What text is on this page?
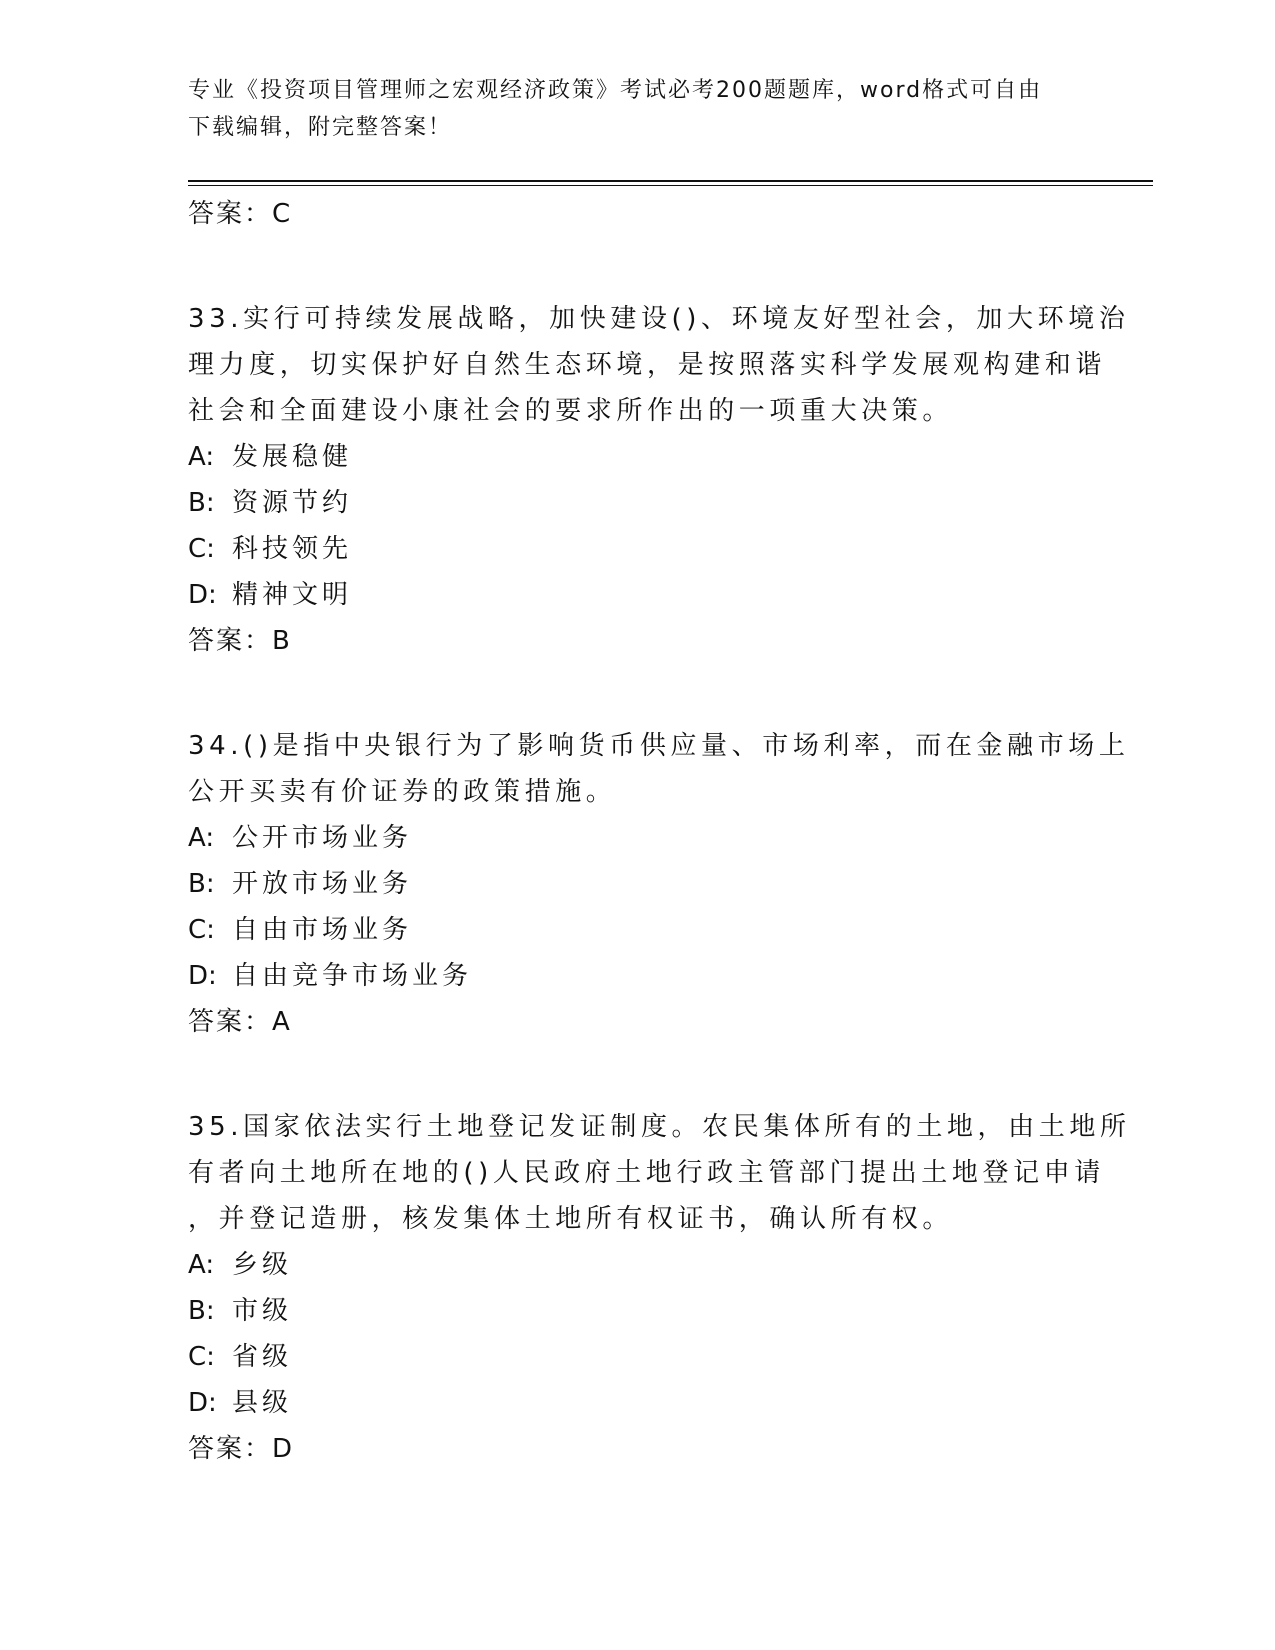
专业《投资项目管理师之宏观经济政策》考试必考200题题库，word格式可自由
下载编辑，附完整答案！
答案：C
33.实行可持续发展战略，加快建设()、环境友好型社会，加大环境治
理力度，切实保护好自然生态环境，是按照落实科学发展观构建和谐
社会和全面建设小康社会的要求所作出的一项重大决策。
A: 发展稳健
B: 资源节约
C: 科技领先
D: 精神文明
答案：B
34.()是指中央银行为了影响货币供应量、市场利率，而在金融市场上
公开买卖有价证券的政策措施。
A: 公开市场业务
B: 开放市场业务
C: 自由市场业务
D: 自由竞争市场业务
答案：A
35.国家依法实行土地登记发证制度。农民集体所有的土地，由土地所
有者向土地所在地的()人民政府土地行政主管部门提出土地登记申请
，并登记造册，核发集体土地所有权证书，确认所有权。
A: 乡级
B: 市级
C: 省级
D: 县级
答案：D
